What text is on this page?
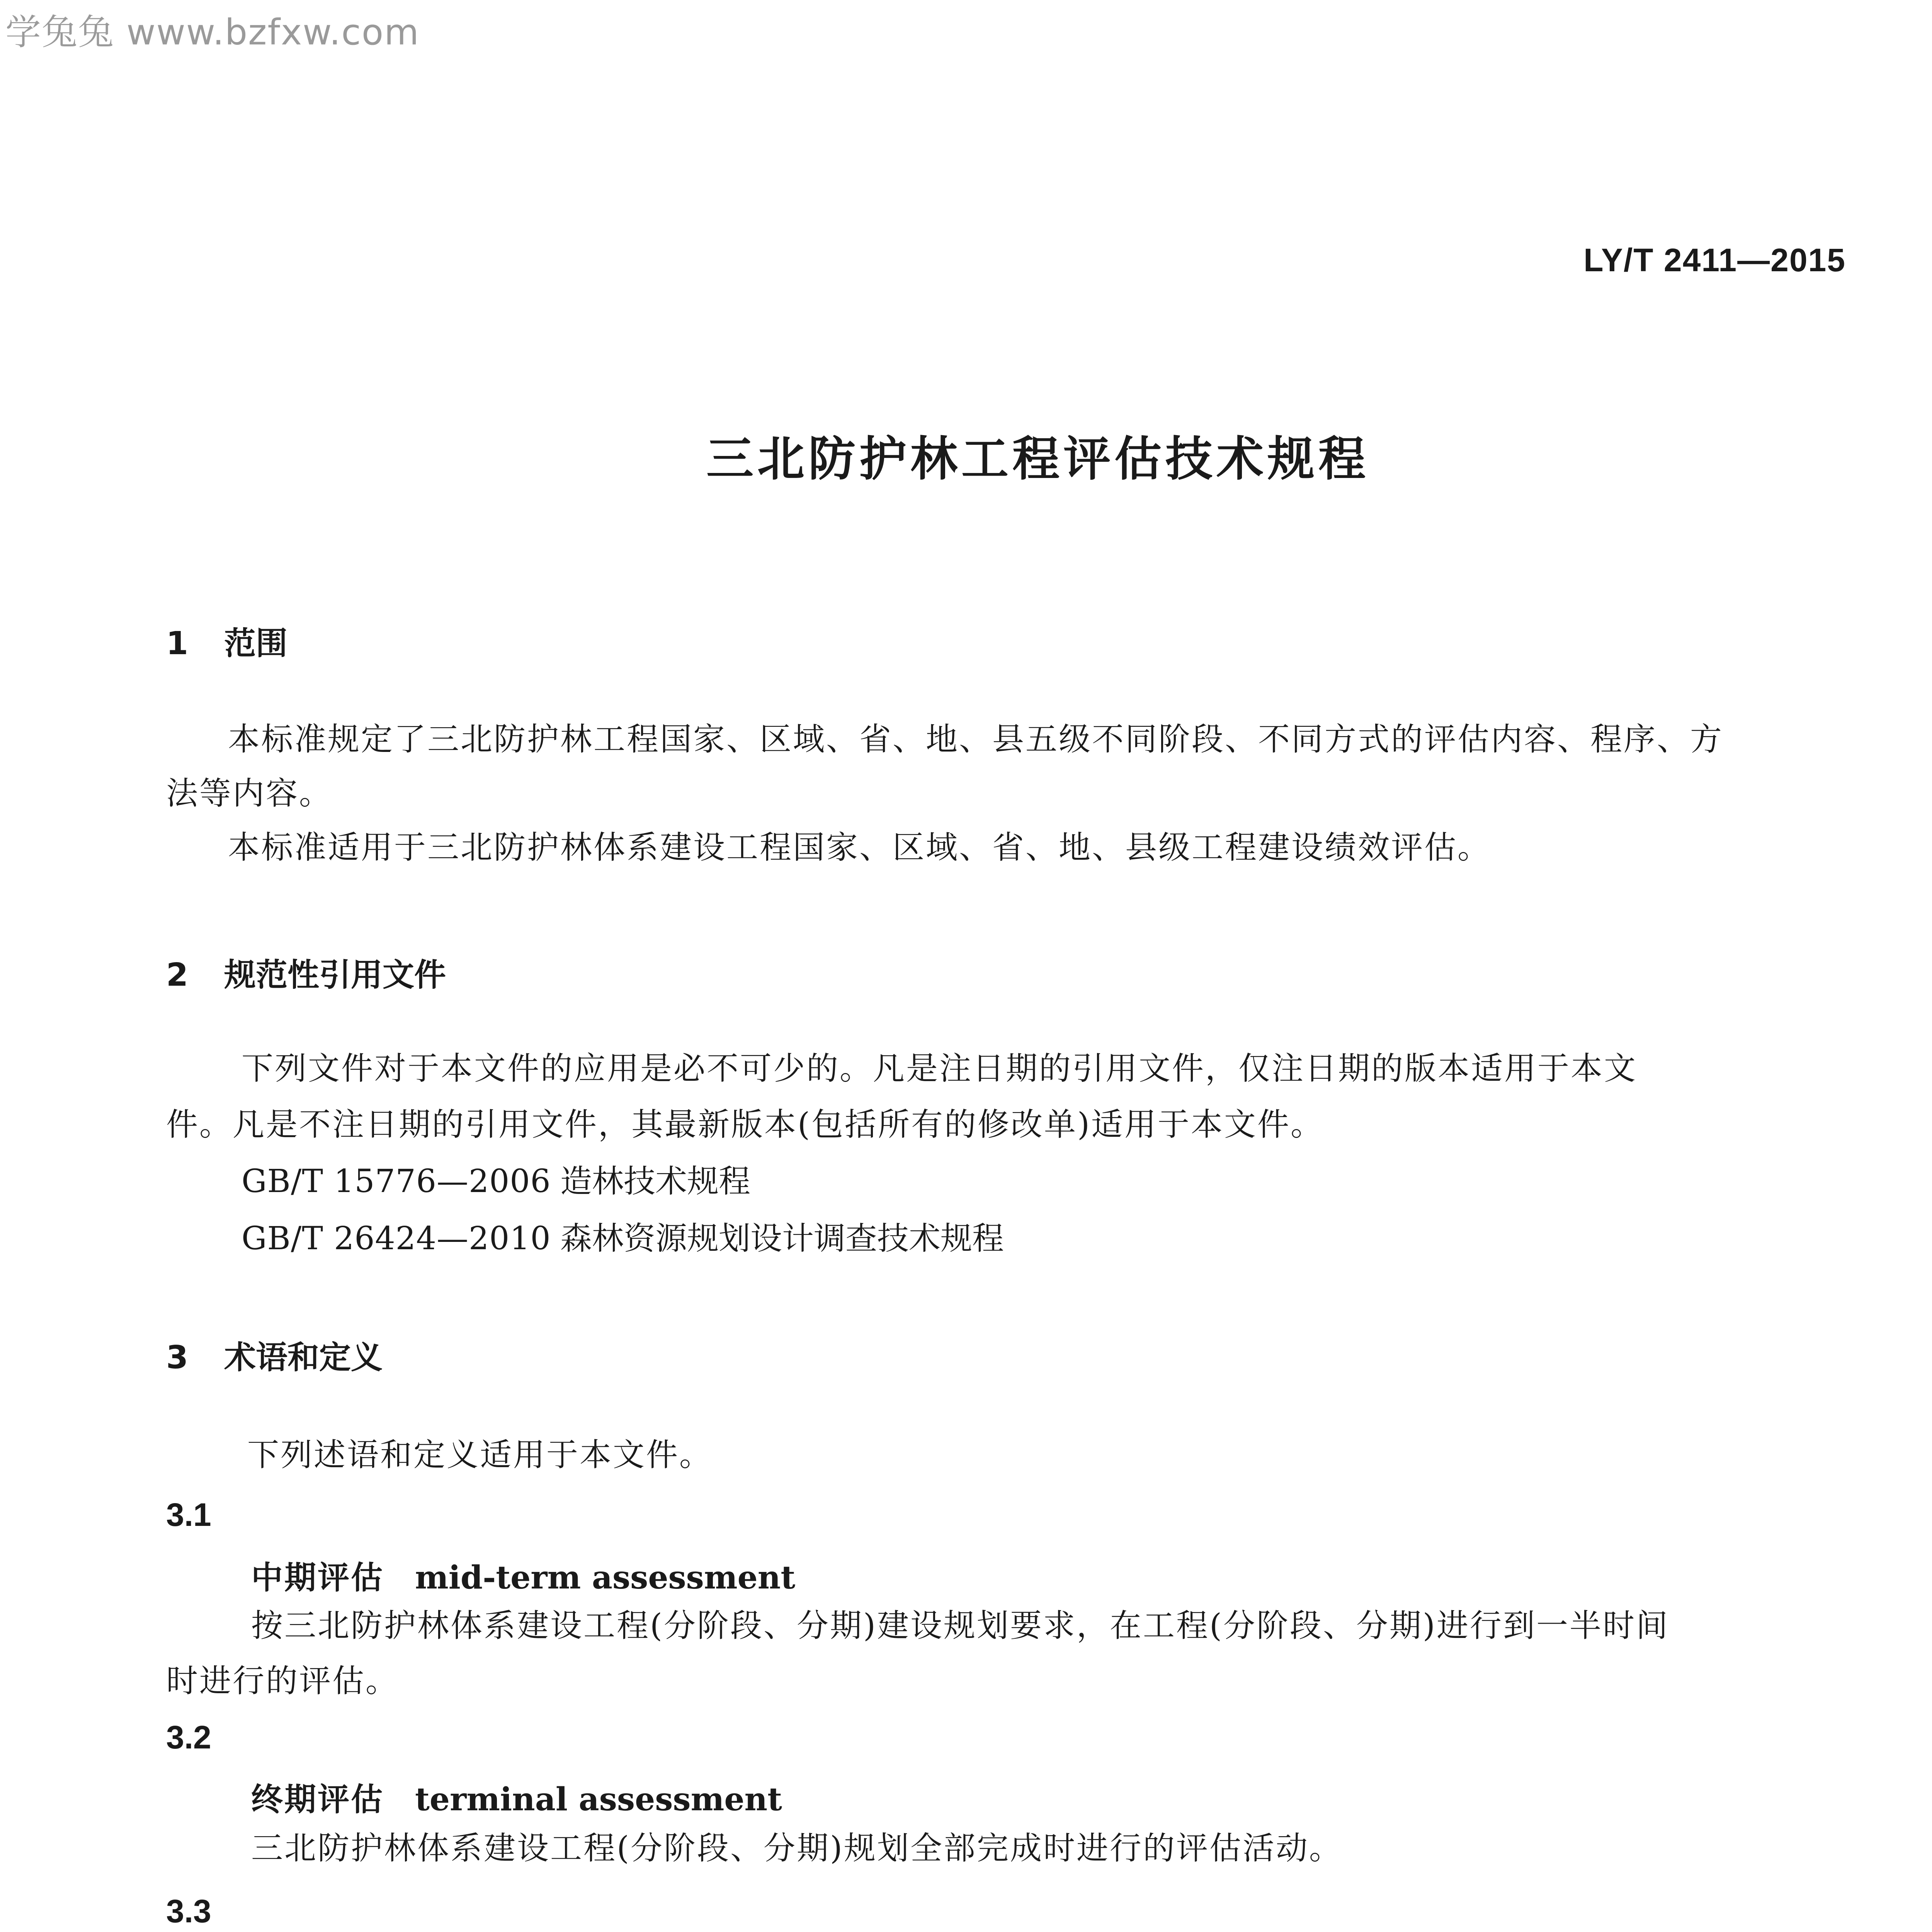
学兔兔 www.bzfxw.com
LY/T 2411—2015
三北防护林工程评估技术规程
1 范围
本标准规定了三北防护林工程国家、区域、省、地、县五级不同阶段、不同方式的评估内容、程序、方
法等内容。
本标准适用于三北防护林体系建设工程国家、区域、省、地、县级工程建设绩效评估。
2 规范性引用文件
下列文件对于本文件的应用是必不可少的。凡是注日期的引用文件，仅注日期的版本适用于本文
件。凡是不注日期的引用文件，其最新版本(包括所有的修改单)适用于本文件。
GB/T 15776—2006 造林技术规程
GB/T 26424—2010 森林资源规划设计调查技术规程
3 术语和定义
下列述语和定义适用于本文件。
3.1
中期评估 mid-term assessment
按三北防护林体系建设工程(分阶段、分期)建设规划要求，在工程(分阶段、分期)进行到一半时间
时进行的评估。
3.2
终期评估 terminal assessment
三北防护林体系建设工程(分阶段、分期)规划全部完成时进行的评估活动。
3.3
